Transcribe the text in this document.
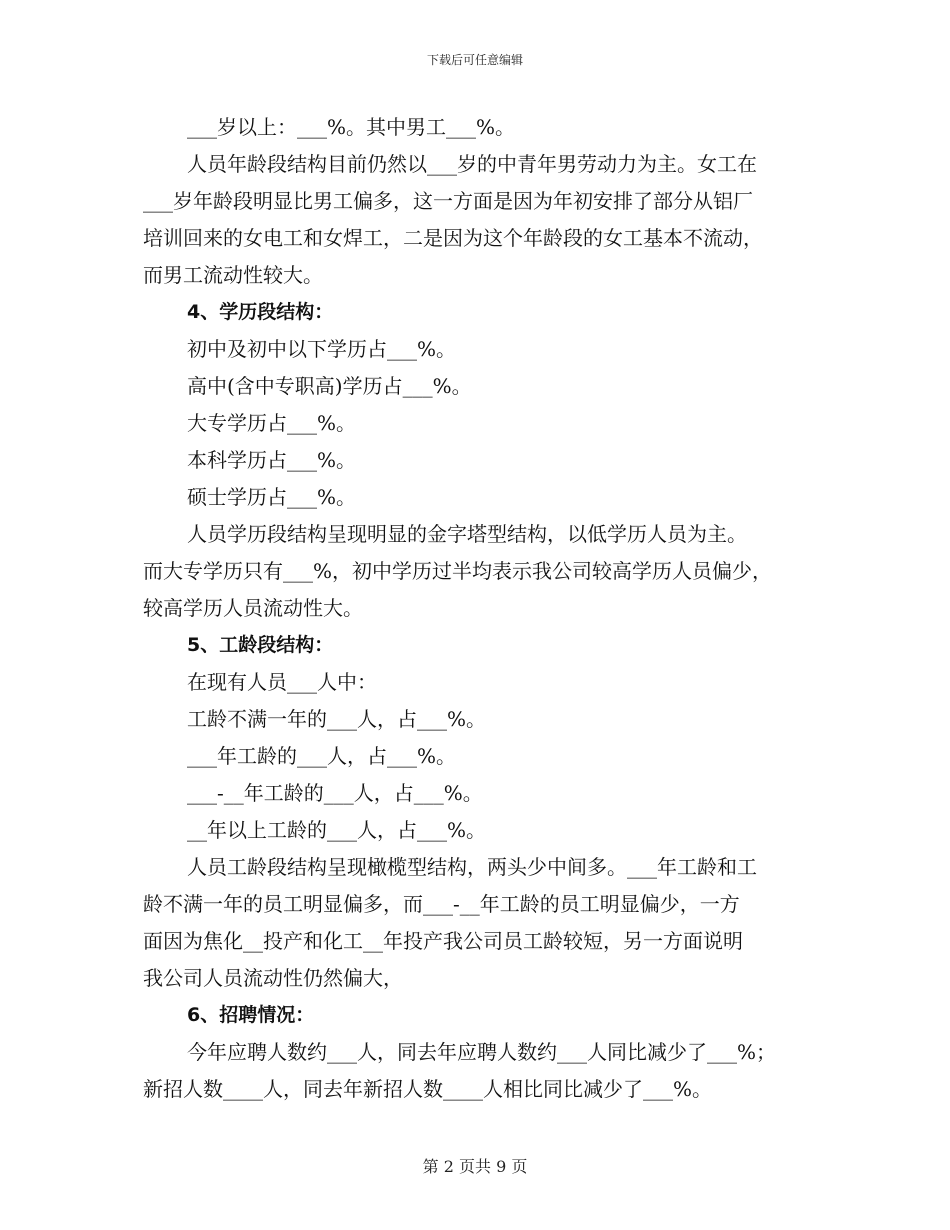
下载后可任意编辑
___岁以上：___%。其中男工___%。
人员年龄段结构目前仍然以___岁的中青年男劳动力为主。女工在
___岁年龄段明显比男工偏多，这一方面是因为年初安排了部分从铝厂
培训回来的女电工和女焊工，二是因为这个年龄段的女工基本不流动，
而男工流动性较大。
4、学历段结构：
初中及初中以下学历占___%。
高中(含中专职高)学历占___%。
大专学历占___%。
本科学历占___%。
硕士学历占___%。
人员学历段结构呈现明显的金字塔型结构，以低学历人员为主。
而大专学历只有___%，初中学历过半均表示我公司较高学历人员偏少，
较高学历人员流动性大。
5、工龄段结构：
在现有人员___人中：
工龄不满一年的___人，占___%。
___年工龄的___人，占___%。
___-__年工龄的___人，占___%。
__年以上工龄的___人，占___%。
人员工龄段结构呈现橄榄型结构，两头少中间多。___年工龄和工
龄不满一年的员工明显偏多，而___-__年工龄的员工明显偏少，一方
面因为焦化__投产和化工__年投产我公司员工龄较短，另一方面说明
我公司人员流动性仍然偏大，
6、招聘情况：
今年应聘人数约___人，同去年应聘人数约___人同比减少了___%；
新招人数____人，同去年新招人数____人相比同比减少了___%。
第 2 页共 9 页
